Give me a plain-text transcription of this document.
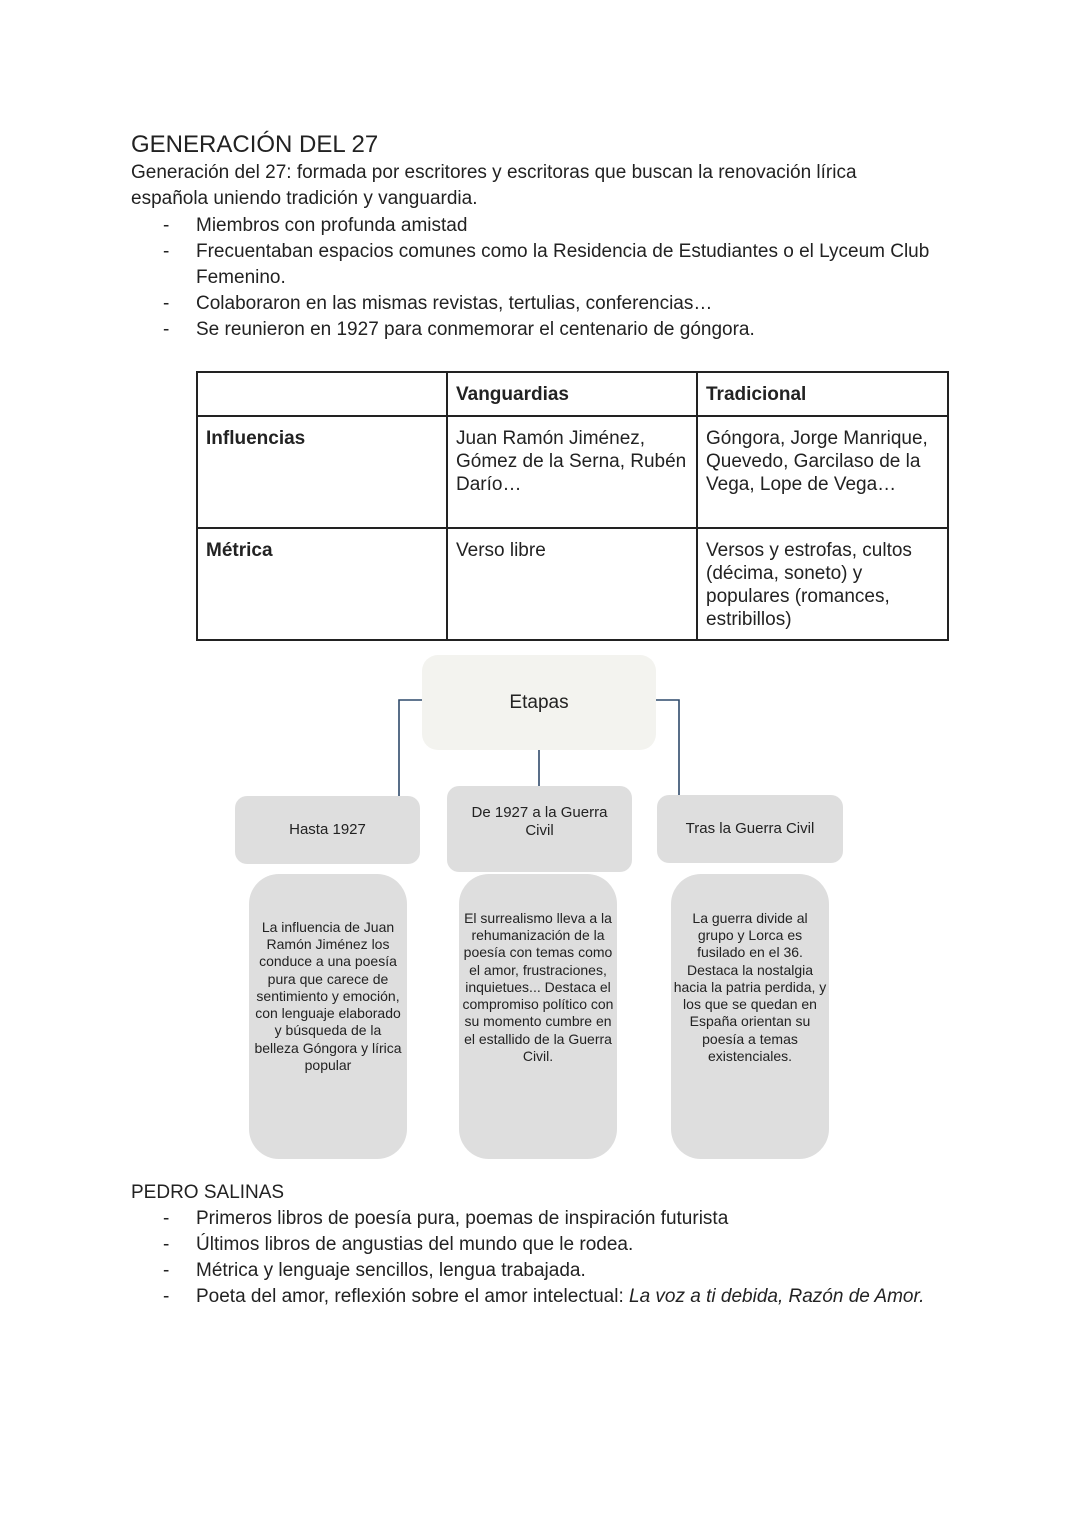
GENERACIÓN DEL 27

Generación del 27: formada por escritores y escritoras que buscan la renovación lírica española uniendo tradición y vanguardia.

- Miembros con profunda amistad
- Frecuentaban espacios comunes como la Residencia de Estudiantes o el Lyceum Club Femenino.
- Colaboraron en las mismas revistas, tertulias, conferencias…
- Se reunieron en 1927 para conmemorar el centenario de góngora.
	Vanguardias	Tradicional
Influencias	Juan Ramón Jiménez, Gómez de la Serna, Rubén Darío…	Góngora, Jorge Manrique, Quevedo, Garcilaso de la Vega, Lope de Vega…
Métrica	Verso libre	Versos y estrofas, cultos (décima, soneto) y populares (romances, estribillos)
Etapas
Hasta 1927
De 1927 a la Guerra Civil	Tras la Guerra Civil
La influencia de Juan Ramón Jiménez los conduce a una poesía pura que carece de sentimiento y emoción, con lenguaje elaborado y búsqueda de la belleza Góngora y lírica popular
El surrealismo lleva a la rehumanización de la poesía con temas como el amor, frustraciones, inquietues... Destaca el compromiso político con su momento cumbre en el estallido de la Guerra Civil.
La guerra divide al grupo y Lorca es fusilado en el 36. Destaca la nostalgia hacia la patria perdida, y los que se quedan en España orientan su poesía a temas existenciales.
PEDRO SALINAS
- Primeros libros de poesía pura, poemas de inspiración futurista
- Últimos libros de angustias del mundo que le rodea.
- Métrica y lenguaje sencillos, lengua trabajada.
- Poeta del amor, reflexión sobre el amor intelectual: La voz a ti debida, Razón de Amor.
